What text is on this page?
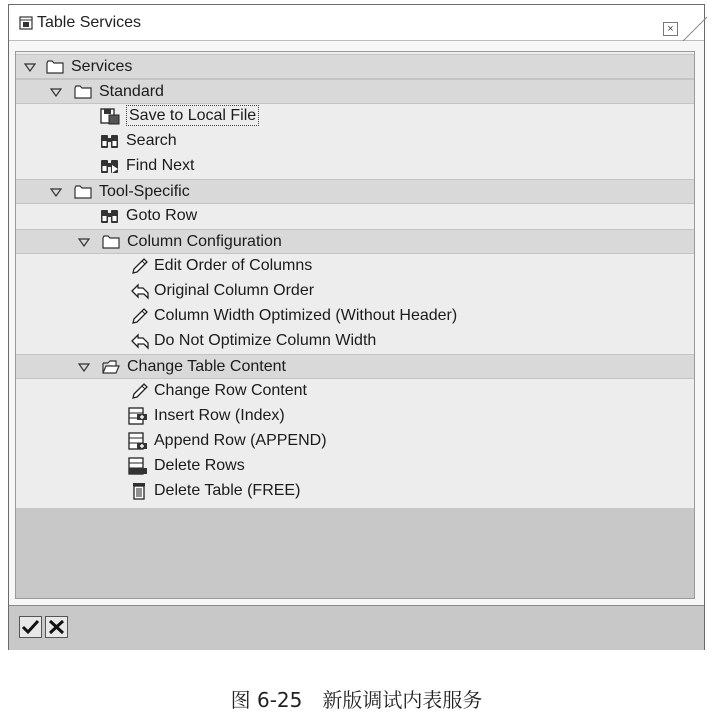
Table Services	×
Services
Standard
Save to Local File
Search
Find Next
Tool-Specific
Goto Row
Column Configuration
Edit Order of Columns
Original Column Order
Column Width Optimized (Without Header)
Do Not Optimize Column Width
Change Table Content
Change Row Content
Insert Row (Index)
Append Row (APPEND)
Delete Rows
Delete Table (FREE)
图 6-25　新版调试内表服务
